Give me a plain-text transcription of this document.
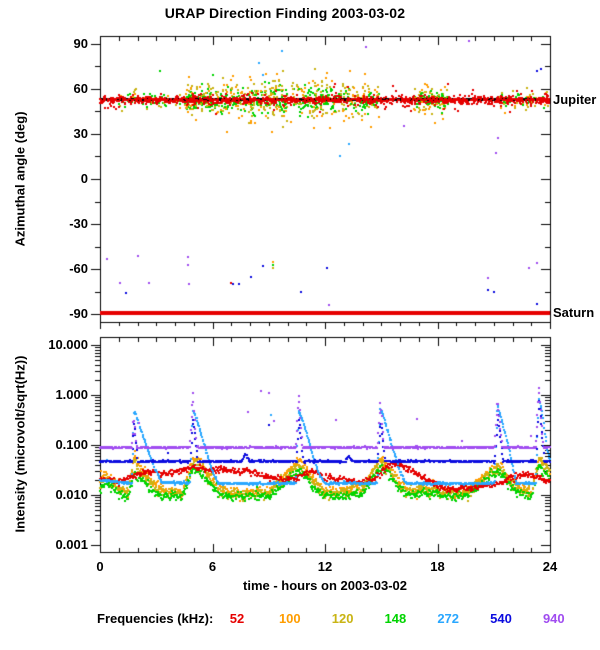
URAP Direction Finding 2003-03-02
Azimuthal angle (deg)
Intensity (microvolt/sqrt(Hz))
Jupiter
Saturn
time - hours on 2003-03-02
Frequencies (kHz):
90
60
30
0
-30
-60
-90
10.000
1.000
0.100
0.010
0.001
0	6	12	18	24
52	100	120	148	272	540	940
